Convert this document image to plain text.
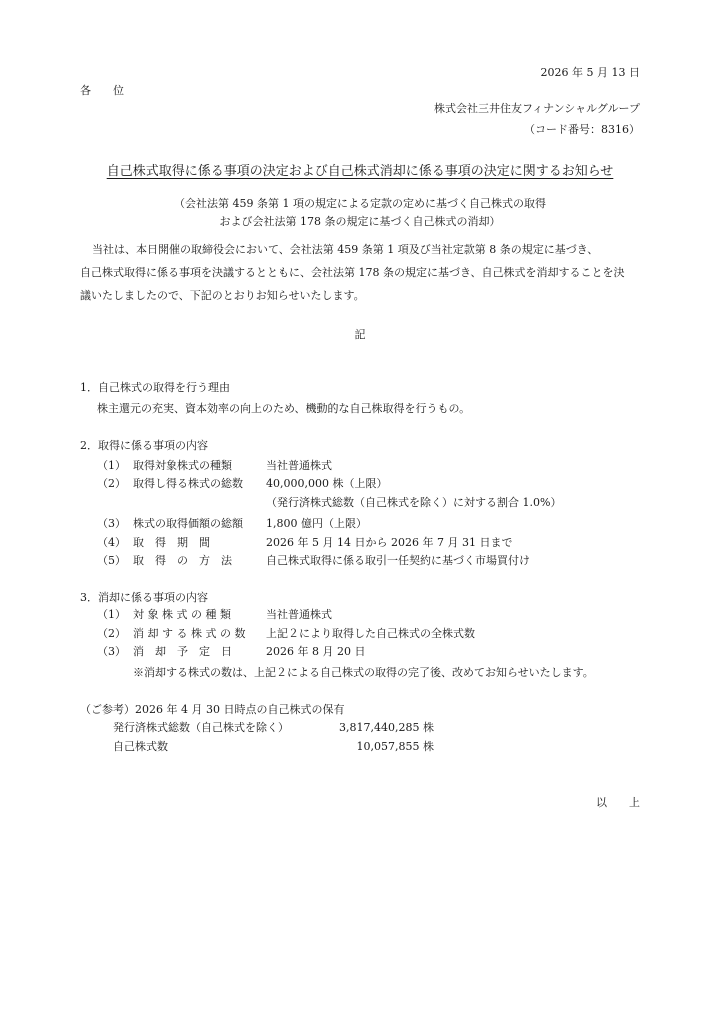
2026 年 5 月 13 日
各　　位
株式会社三井住友フィナンシャルグループ
（コード番号：8316）
自己株式取得に係る事項の決定および自己株式消却に係る事項の決定に関するお知らせ
（会社法第 459 条第 1 項の規定による定款の定めに基づく自己株式の取得
および会社法第 178 条の規定に基づく自己株式の消却）
当社は、本日開催の取締役会において、会社法第 459 条第 1 項及び当社定款第 8 条の規定に基づき、
自己株式取得に係る事項を決議するとともに、会社法第 178 条の規定に基づき、自己株式を消却することを決
議いたしましたので、下記のとおりお知らせいたします。
記
1．自己株式の取得を行う理由
株主還元の充実、資本効率の向上のため、機動的な自己株取得を行うもの。
2．取得に係る事項の内容
（1） 取得対象株式の種類	当社普通株式
（2） 取得し得る株式の総数 40,000,000 株（上限）
（発行済株式総数（自己株式を除く）に対する割合 1.0%）
（3） 株式の取得価額の総額 1,800 億円（上限）
（4） 取　得　期　間	2026 年 5 月 14 日から 2026 年 7 月 31 日まで
（5） 取　得　の　方　法	自己株式取得に係る取引一任契約に基づく市場買付け
3．消却に係る事項の内容
（1） 対 象 株 式 の 種 類	当社普通株式
（2） 消 却 す る 株 式 の 数 上記２により取得した自己株式の全株式数
（3） 消　却　予　定　日	2026 年 8 月 20 日
※消却する株式の数は、上記２による自己株式の取得の完了後、改めてお知らせいたします。
（ご参考）2026 年 4 月 30 日時点の自己株式の保有
発行済株式総数（自己株式を除く）	3,817,440,285 株
自己株式数	10,057,855 株
以　　上
